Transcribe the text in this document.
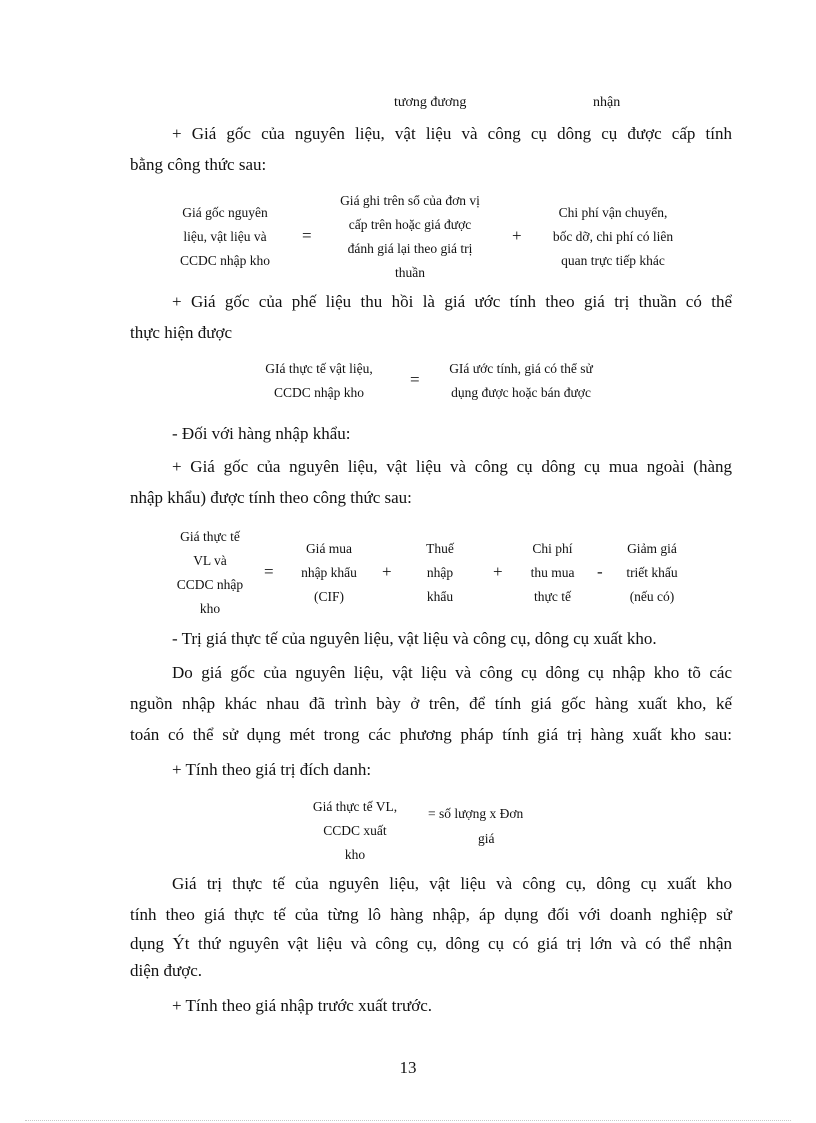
tương đương	nhận
+ Giá gốc của nguyên liệu, vật liệu và công cụ dông cụ được cấp tính
bằng công thức sau:
Giá gốc nguyên
liệu, vật liệu và
CCDC nhập kho
=
Giá ghi trên sổ của đơn vị
cấp trên hoặc giá được
đánh giá lại theo giá trị
thuần
+
Chi phí vận chuyển,
bốc dỡ, chi phí có liên
quan trực tiếp khác
+ Giá gốc của phế liệu thu hồi là giá ước tính theo giá trị thuần có thể
thực hiện được
GIá thực tế vật liệu,
CCDC nhập kho
=
GIá ước tính, giá có thể sử
dụng được hoặc bán được
- Đối với hàng nhập khẩu:
+ Giá gốc của nguyên liệu, vật liệu và công cụ dông cụ mua ngoài (hàng
nhập khẩu) được tính theo công thức sau:
Giá thực tế
VL và
CCDC nhập
kho
=
Giá mua
nhập khẩu
(CIF)
+
Thuế
nhập
khẩu
+
Chi phí
thu mua
thực tế
-
Giảm giá
triết khấu
(nếu có)
- Trị giá thực tế của nguyên liệu, vật liệu và công cụ, dông cụ xuất kho.
Do giá gốc của nguyên liệu, vật liệu và công cụ dông cụ nhập kho tõ các
nguồn nhập khác nhau đã trình bày ở trên, để tính giá gốc hàng xuất kho, kế
toán có thể sử dụng mét trong các phương pháp tính giá trị hàng xuất kho sau:
+ Tính theo giá trị đích danh:
Giá thực tế VL,
CCDC xuất
kho
= số lượng x Đơn
giá
Giá trị thực tế của nguyên liệu, vật liệu và công cụ, dông cụ xuất kho
tính theo giá thực tế của từng lô hàng nhập, áp dụng đối với doanh nghiệp sử
dụng Ýt thứ nguyên vật liệu và công cụ, dông cụ có giá trị lớn và có thể nhận
diện được.
+ Tính theo giá nhập trước xuất trước.
13
